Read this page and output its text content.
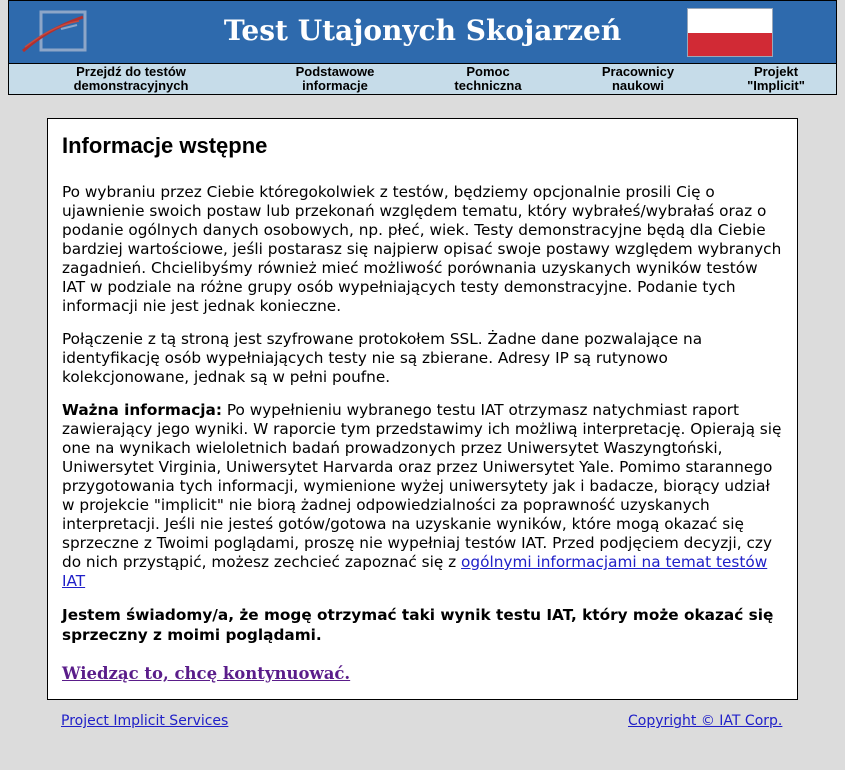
Test Utajonych Skojarzeń
Przejdź do testów
demonstracyjnych
Podstawowe
informacje
Pomoc
techniczna
Pracownicy
naukowi
Projekt
"Implicit"
Informacje wstępne

Po wybraniu przez Ciebie któregokolwiek z testów, będziemy opcjonalnie prosili Cię o ujawnienie swoich postaw lub przekonań względem tematu, który wybrałeś/wybrałaś oraz o podanie ogólnych danych osobowych, np. płeć, wiek. Testy demonstracyjne będą dla Ciebie bardziej wartościowe, jeśli postarasz się najpierw opisać swoje postawy względem wybranych zagadnień. Chcielibyśmy również mieć możliwość porównania uzyskanych wyników testów IAT w podziale na różne grupy osób wypełniających testy demonstracyjne. Podanie tych informacji nie jest jednak konieczne.

Połączenie z tą stroną jest szyfrowane protokołem SSL. Żadne dane pozwalające na identyfikację osób wypełniających testy nie są zbierane. Adresy IP są rutynowo kolekcjonowane, jednak są w pełni poufne.

Ważna informacja: Po wypełnieniu wybranego testu IAT otrzymasz natychmiast raport zawierający jego wyniki. W raporcie tym przedstawimy ich możliwą interpretację. Opierają się one na wynikach wieloletnich badań prowadzonych przez Uniwersytet Waszyngtoński, Uniwersytet Virginia, Uniwersytet Harvarda oraz przez Uniwersytet Yale. Pomimo starannego przygotowania tych informacji, wymienione wyżej uniwersytety jak i badacze, biorący udział w projekcie "implicit" nie biorą żadnej odpowiedzialności za poprawność uzyskanych interpretacji. Jeśli nie jesteś gotów/gotowa na uzyskanie wyników, które mogą okazać się sprzeczne z Twoimi poglądami, proszę nie wypełniaj testów IAT. Przed podjęciem decyzji, czy do nich przystąpić, możesz zechcieć zapoznać się z ogólnymi informacjami na temat testów IAT

Jestem świadomy/a, że mogę otrzymać taki wynik testu IAT, który może okazać się sprzeczny z moimi poglądami.

Wiedząc to, chcę kontynuować.
Project Implicit Services	Copyright © IAT Corp.
